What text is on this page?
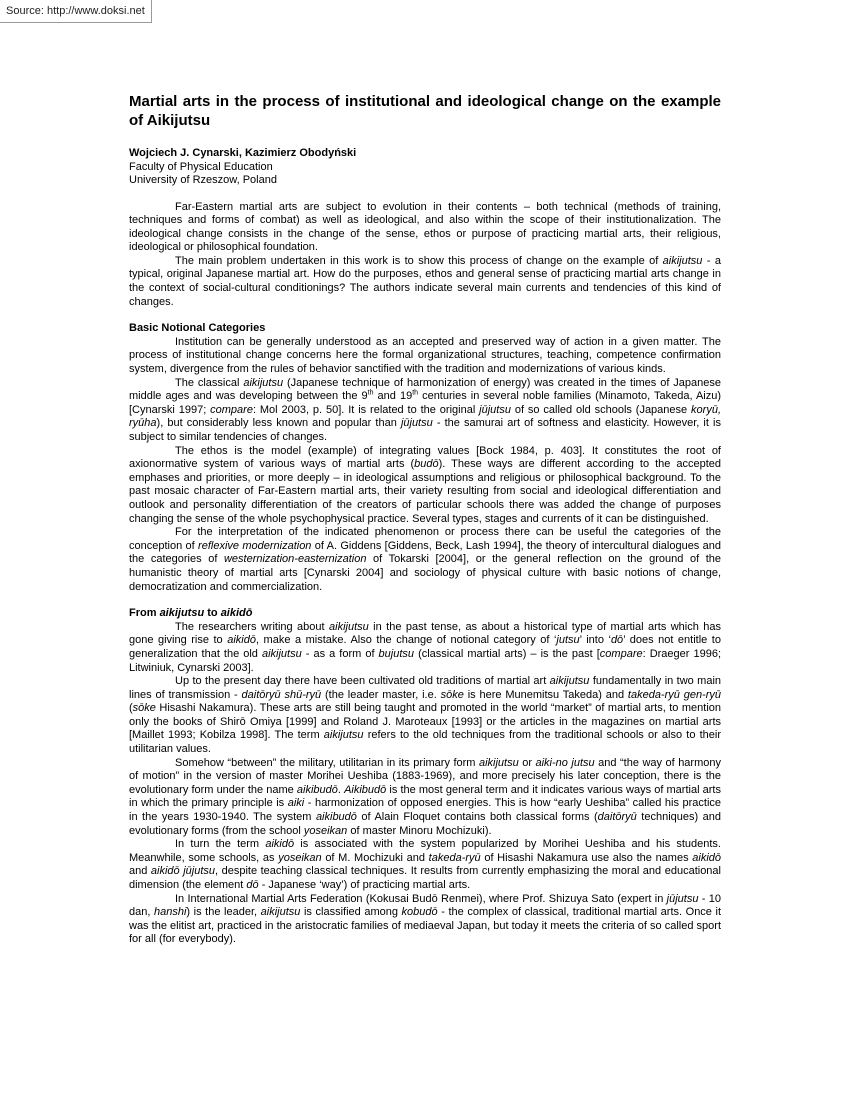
Source: http://www.doksi.net
Martial arts in the process of institutional and ideological change on the example of Aikijutsu
Wojciech J. Cynarski, Kazimierz Obodyński
Faculty of Physical Education
University of Rzeszow, Poland

Far-Eastern martial arts are subject to evolution in their contents – both technical (methods of training, techniques and forms of combat) as well as ideological, and also within the scope of their institutionalization. The ideological change consists in the change of the sense, ethos or purpose of practicing martial arts, their religious, ideological or philosophical foundation.

The main problem undertaken in this work is to show this process of change on the example of aikijutsu - a typical, original Japanese martial art. How do the purposes, ethos and general sense of practicing martial arts change in the context of social-cultural conditionings? The authors indicate several main currents and tendencies of this kind of changes.

Basic Notional Categories

Institution can be generally understood as an accepted and preserved way of action in a given matter. The process of institutional change concerns here the formal organizational structures, teaching, competence confirmation system, divergence from the rules of behavior sanctified with the tradition and modernizations of various kinds.

The classical aikijutsu (Japanese technique of harmonization of energy) was created in the times of Japanese middle ages and was developing between the 9th and 19th centuries in several noble families (Minamoto, Takeda, Aizu) [Cynarski 1997; compare: Mol 2003, p. 50]. It is related to the original jūjutsu of so called old schools (Japanese koryū, ryūha), but considerably less known and popular than jūjutsu - the samurai art of softness and elasticity. However, it is subject to similar tendencies of changes.

The ethos is the model (example) of integrating values [Bock 1984, p. 403]. It constitutes the root of axionormative system of various ways of martial arts (budō). These ways are different according to the accepted emphases and priorities, or more deeply – in ideological assumptions and religious or philosophical background. To the past mosaic character of Far-Eastern martial arts, their variety resulting from social and ideological differentiation and outlook and personality differentiation of the creators of particular schools there was added the change of purposes changing the sense of the whole psychophysical practice. Several types, stages and currents of it can be distinguished.

For the interpretation of the indicated phenomenon or process there can be useful the categories of the conception of reflexive modernization of A. Giddens [Giddens, Beck, Lash 1994], the theory of intercultural dialogues and the categories of westernization-easternization of Tokarski [2004], or the general reflection on the ground of the humanistic theory of martial arts [Cynarski 2004] and sociology of physical culture with basic notions of change, democratization and commercialization.

From aikijutsu to aikidō

The researchers writing about aikijutsu in the past tense, as about a historical type of martial arts which has gone giving rise to aikidō, make a mistake. Also the change of notional category of ‘jutsu’ into ‘dō’ does not entitle to generalization that the old aikijutsu - as a form of bujutsu (classical martial arts) – is the past [compare: Draeger 1996; Litwiniuk, Cynarski 2003].

Up to the present day there have been cultivated old traditions of martial art aikijutsu fundamentally in two main lines of transmission - daitōryū shū-ryū (the leader master, i.e. sōke is here Munemitsu Takeda) and takeda-ryū gen-ryū (sōke Hisashi Nakamura). These arts are still being taught and promoted in the world “market” of martial arts, to mention only the books of Shirō Omiya [1999] and Roland J. Maroteaux [1993] or the articles in the magazines on martial arts [Maillet 1993; Kobilza 1998]. The term aikijutsu refers to the old techniques from the traditional schools or also to their utilitarian values.

Somehow “between” the military, utilitarian in its primary form aikijutsu or aiki-no jutsu and “the way of harmony of motion” in the version of master Morihei Ueshiba (1883-1969), and more precisely his later conception, there is the evolutionary form under the name aikibudō. Aikibudō is the most general term and it indicates various ways of martial arts in which the primary principle is aiki - harmonization of opposed energies. This is how “early Ueshiba” called his practice in the years 1930-1940. The system aikibudō of Alain Floquet contains both classical forms (daitōryū techniques) and evolutionary forms (from the school yoseikan of master Minoru Mochizuki).

In turn the term aikidō is associated with the system popularized by Morihei Ueshiba and his students. Meanwhile, some schools, as yoseikan of M. Mochizuki and takeda-ryū of Hisashi Nakamura use also the names aikidō and aikidō jūjutsu, despite teaching classical techniques. It results from currently emphasizing the moral and educational dimension (the element dō - Japanese ‘way’) of practicing martial arts.

In International Martial Arts Federation (Kokusai Budō Renmei), where Prof. Shizuya Sato (expert in jūjutsu - 10 dan, hanshi) is the leader, aikijutsu is classified among kobudō - the complex of classical, traditional martial arts. Once it was the elitist art, practiced in the aristocratic families of mediaeval Japan, but today it meets the criteria of so called sport for all (for everybody).
